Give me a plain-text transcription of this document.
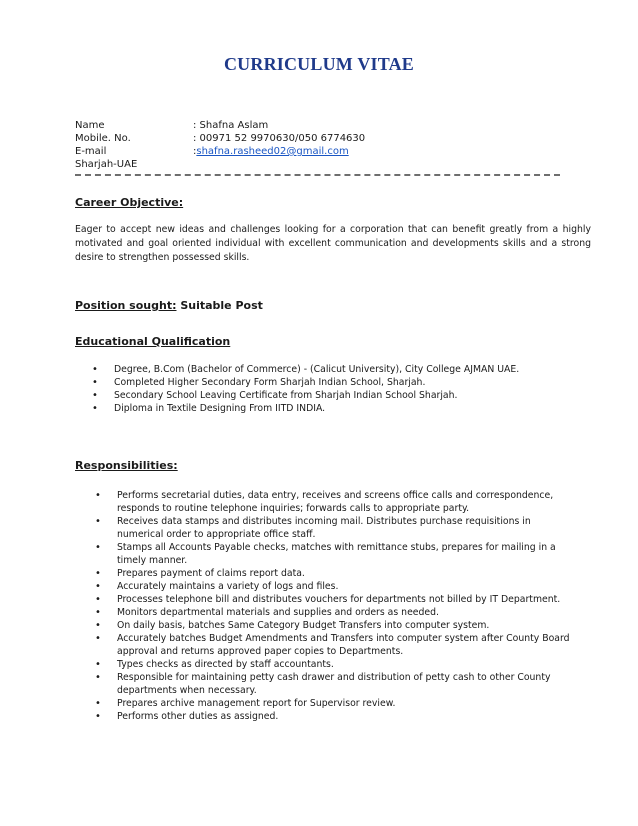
CURRICULUM VITAE
Name	: Shafna Aslam
Mobile. No.	: 00971 52 9970630/050 6774630
E-mail	: shafna.rasheed02@gmail.com
Sharjah-UAE
Career Objective:
Eager to accept new ideas and challenges looking for a corporation that can benefit greatly from a highly motivated and goal oriented individual with excellent communication and developments skills and a strong desire to strengthen possessed skills.
Position sought: Suitable Post
Educational Qualification
• Degree, B.Com (Bachelor of Commerce) - (Calicut University), City College AJMAN UAE.
• Completed Higher Secondary Form Sharjah Indian School, Sharjah.
• Secondary School Leaving Certificate from Sharjah Indian School Sharjah.
• Diploma in Textile Designing From IITD INDIA.
Responsibilities:
• Performs secretarial duties, data entry, receives and screens office calls and correspondence, responds to routine telephone inquiries; forwards calls to appropriate party.
• Receives data stamps and distributes incoming mail. Distributes purchase requisitions in numerical order to appropriate office staff.
• Stamps all Accounts Payable checks, matches with remittance stubs, prepares for mailing in a timely manner.
• Prepares payment of claims report data.
• Accurately maintains a variety of logs and files.
• Processes telephone bill and distributes vouchers for departments not billed by IT Department.
• Monitors departmental materials and supplies and orders as needed.
• On daily basis, batches Same Category Budget Transfers into computer system.
• Accurately batches Budget Amendments and Transfers into computer system after County Board approval and returns approved paper copies to Departments.
• Types checks as directed by staff accountants.
• Responsible for maintaining petty cash drawer and distribution of petty cash to other County departments when necessary.
• Prepares archive management report for Supervisor review.
• Performs other duties as assigned.
